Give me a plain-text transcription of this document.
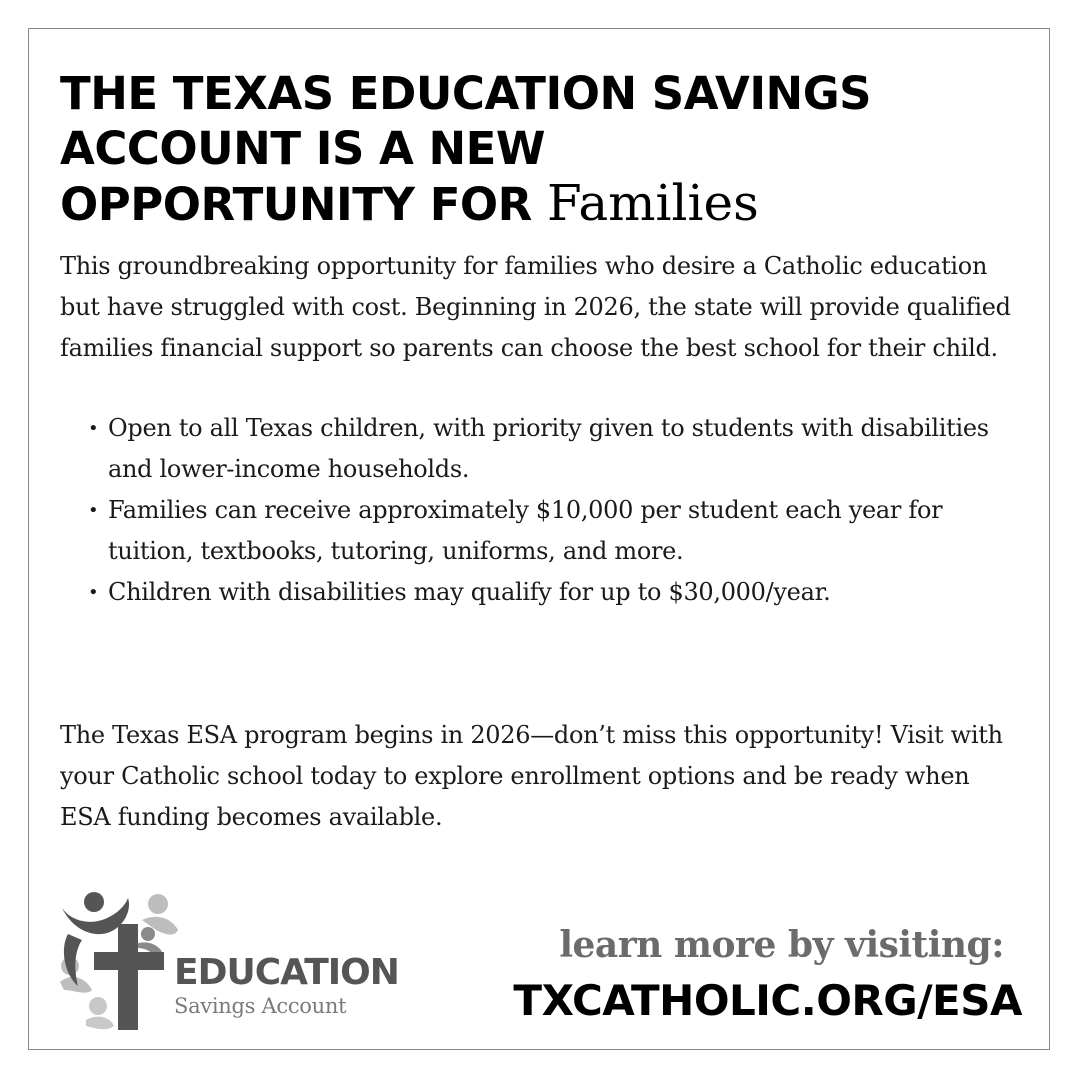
THE TEXAS EDUCATION SAVINGS
ACCOUNT IS A NEW
OPPORTUNITY FOR Families

This groundbreaking opportunity for families who desire a Catholic education but have struggled with cost. Beginning in 2026, the state will provide qualified families financial support so parents can choose the best school for their child.

• Open to all Texas children, with priority given to students with disabilities and lower-income households.
• Families can receive approximately $10,000 per student each year for tuition, textbooks, tutoring, uniforms, and more.
• Children with disabilities may qualify for up to $30,000/year.

The Texas ESA program begins in 2026—don’t miss this opportunity! Visit with your Catholic school today to explore enrollment options and be ready when ESA funding becomes available.

EDUCATION
Savings Account
learn more by visiting:
TXCATHOLIC.ORG/ESA
